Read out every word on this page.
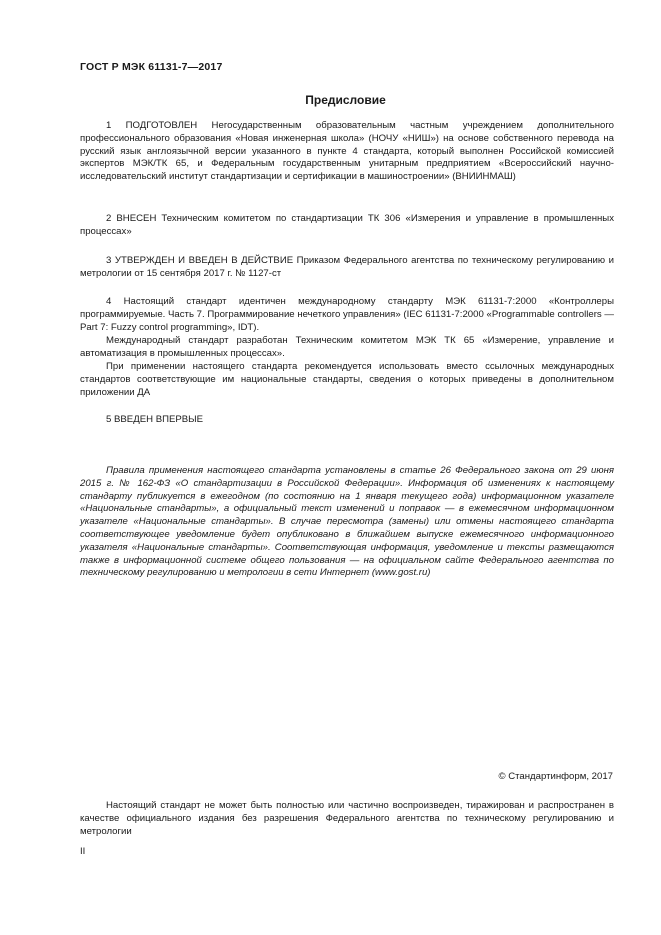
ГОСТ Р МЭК 61131-7—2017
Предисловие

1 ПОДГОТОВЛЕН Негосударственным образовательным частным учреждением дополнительного профессионального образования «Новая инженерная школа» (НОЧУ «НИШ») на основе собственного перевода на русский язык англоязычной версии указанного в пункте 4 стандарта, который выполнен Российской комиссией экспертов МЭК/ТК 65, и Федеральным государственным унитарным предприятием «Всероссийский научно-исследовательский институт стандартизации и сертификации в машиностроении» (ВНИИНМАШ)

2 ВНЕСЕН Техническим комитетом по стандартизации ТК 306 «Измерения и управление в промышленных процессах»

3 УТВЕРЖДЕН И ВВЕДЕН В ДЕЙСТВИЕ Приказом Федерального агентства по техническому регулированию и метрологии от 15 сентября 2017 г. № 1127-ст

4 Настоящий стандарт идентичен международному стандарту МЭК 61131-7:2000 «Контроллеры программируемые. Часть 7. Программирование нечеткого управления» (IEC 61131-7:2000 «Programmable controllers — Part 7: Fuzzy control programming», IDT).

Международный стандарт разработан Техническим комитетом МЭК ТК 65 «Измерение, управление и автоматизация в промышленных процессах».

При применении настоящего стандарта рекомендуется использовать вместо ссылочных международных стандартов соответствующие им национальные стандарты, сведения о которых приведены в дополнительном приложении ДА

5 ВВЕДЕН ВПЕРВЫЕ

Правила применения настоящего стандарта установлены в статье 26 Федерального закона от 29 июня 2015 г. № 162-ФЗ «О стандартизации в Российской Федерации». Информация об изменениях к настоящему стандарту публикуется в ежегодном (по состоянию на 1 января текущего года) информационном указателе «Национальные стандарты», а официальный текст изменений и поправок — в ежемесячном информационном указателе «Национальные стандарты». В случае пересмотра (замены) или отмены настоящего стандарта соответствующее уведомление будет опубликовано в ближайшем выпуске ежемесячного информационного указателя «Национальные стандарты». Соответствующая информация, уведомление и тексты размещаются также в информационной системе общего пользования — на официальном сайте Федерального агентства по техническому регулированию и метрологии в сети Интернет (www.gost.ru)

© Стандартинформ, 2017

Настоящий стандарт не может быть полностью или частично воспроизведен, тиражирован и распространен в качестве официального издания без разрешения Федерального агентства по техническому регулированию и метрологии

II
